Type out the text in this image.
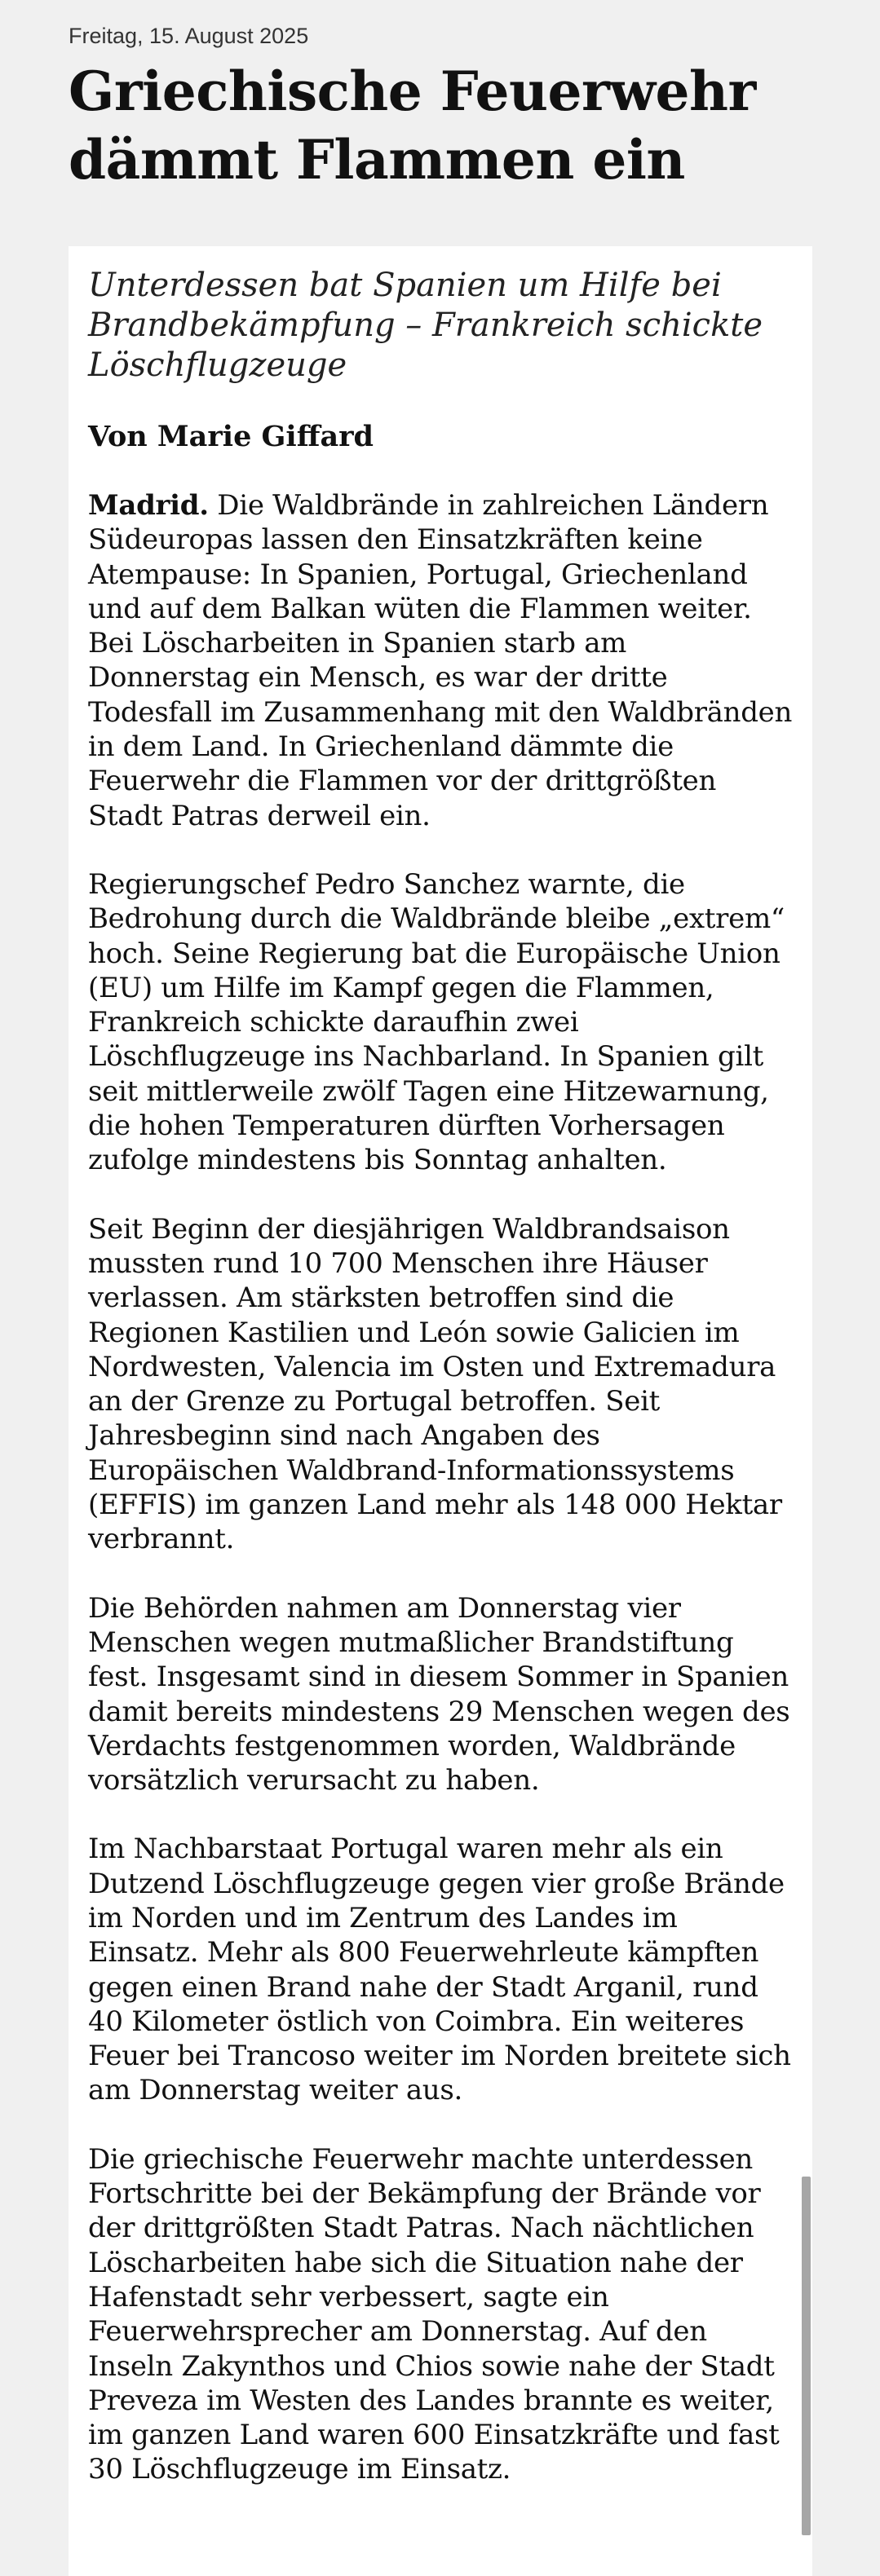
Freitag, 15. August 2025
Griechische Feuerwehr dämmt Flammen ein

Unterdessen bat Spanien um Hilfe bei Brandbekämpfung – Frankreich schickte Löschflugzeuge

Von Marie Giffard

Madrid. Die Waldbrände in zahlreichen Ländern Südeuropas lassen den Einsatzkräften keine Atempause: In Spanien, Portugal, Griechenland und auf dem Balkan wüten die Flammen weiter. Bei Löscharbeiten in Spanien starb am Donnerstag ein Mensch, es war der dritte Todesfall im Zusammenhang mit den Waldbränden in dem Land. In Griechenland dämmte die Feuerwehr die Flammen vor der drittgrößten Stadt Patras derweil ein.

Regierungschef Pedro Sanchez warnte, die Bedrohung durch die Waldbrände bleibe „extrem“ hoch. Seine Regierung bat die Europäische Union (EU) um Hilfe im Kampf gegen die Flammen, Frankreich schickte daraufhin zwei Löschflugzeuge ins Nachbarland. In Spanien gilt seit mittlerweile zwölf Tagen eine Hitzewarnung, die hohen Temperaturen dürften Vorhersagen zufolge mindestens bis Sonntag anhalten.

Seit Beginn der diesjährigen Waldbrandsaison mussten rund 10 700 Menschen ihre Häuser verlassen. Am stärksten betroffen sind die Regionen Kastilien und León sowie Galicien im Nordwesten, Valencia im Osten und Extremadura an der Grenze zu Portugal betroffen. Seit Jahresbeginn sind nach Angaben des Europäischen Waldbrand-Informationssystems (EFFIS) im ganzen Land mehr als 148 000 Hektar verbrannt.

Die Behörden nahmen am Donnerstag vier Menschen wegen mutmaßlicher Brandstiftung fest. Insgesamt sind in diesem Sommer in Spanien damit bereits mindestens 29 Menschen wegen des Verdachts festgenommen worden, Waldbrände vorsätzlich verursacht zu haben.

Im Nachbarstaat Portugal waren mehr als ein Dutzend Löschflugzeuge gegen vier große Brände im Norden und im Zentrum des Landes im Einsatz. Mehr als 800 Feuerwehrleute kämpften gegen einen Brand nahe der Stadt Arganil, rund 40 Kilometer östlich von Coimbra. Ein weiteres Feuer bei Trancoso weiter im Norden breitete sich am Donnerstag weiter aus.

Die griechische Feuerwehr machte unterdessen Fortschritte bei der Bekämpfung der Brände vor der drittgrößten Stadt Patras. Nach nächtlichen Löscharbeiten habe sich die Situation nahe der Hafenstadt sehr verbessert, sagte ein Feuerwehrsprecher am Donnerstag. Auf den Inseln Zakynthos und Chios sowie nahe der Stadt Preveza im Westen des Landes brannte es weiter, im ganzen Land waren 600 Einsatzkräfte und fast 30 Löschflugzeuge im Einsatz.
